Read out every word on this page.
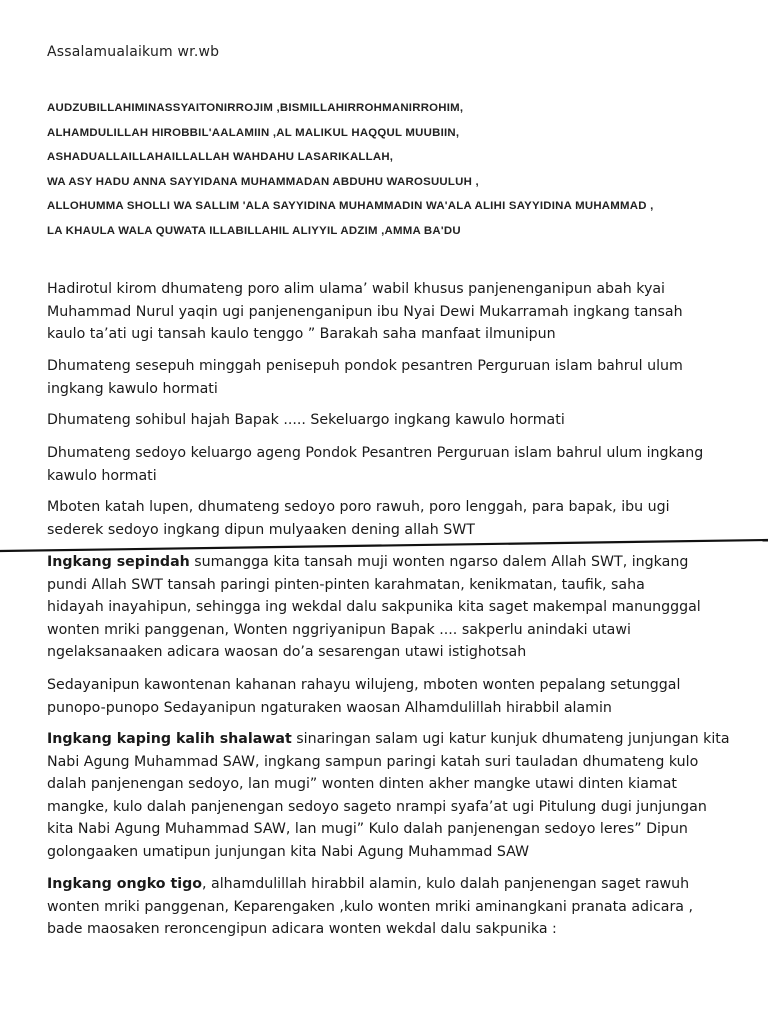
Assalamualaikum wr.wb
AUDZUBILLAHIMINASSYAITONIRROJIM ,BISMILLAHIRROHMANIRROHIM,
ALHAMDULILLAH HIROBBIL'AALAMIIN ,AL MALIKUL HAQQUL MUUBIIN,
ASHADUALLAILLAHAILLALLAH WAHDAHU LASARIKALLAH,
WA ASY HADU ANNA SAYYIDANA MUHAMMADAN ABDUHU WAROSUULUH ,
ALLOHUMMA SHOLLI WA SALLIM 'ALA SAYYIDINA MUHAMMADIN WA'ALA ALIHI SAYYIDINA MUHAMMAD ,
LA KHAULA WALA QUWATA ILLABILLAHIL ALIYYIL ADZIM ,AMMA BA'DU
Hadirotul kirom dhumateng poro alim ulama’ wabil khusus panjenenganipun abah kyai
Muhammad Nurul yaqin ugi panjenenganipun ibu Nyai Dewi Mukarramah ingkang tansah
kaulo ta’ati ugi tansah kaulo tenggo ” Barakah saha manfaat ilmunipun
Dhumateng sesepuh minggah penisepuh pondok pesantren Perguruan islam bahrul ulum
ingkang kawulo hormati
Dhumateng sohibul hajah Bapak ..... Sekeluargo ingkang kawulo hormati
Dhumateng sedoyo keluargo ageng Pondok Pesantren Perguruan islam bahrul ulum ingkang
kawulo hormati
Mboten katah lupen, dhumateng sedoyo poro rawuh, poro lenggah, para bapak, ibu ugi
sederek sedoyo ingkang dipun mulyaaken dening allah SWT
Ingkang sepindah sumangga kita tansah muji wonten ngarso dalem Allah SWT, ingkang
pundi Allah SWT tansah paringi pinten-pinten karahmatan, kenikmatan, taufik, saha
hidayah inayahipun, sehingga ing wekdal dalu sakpunika kita saget makempal manungggal
wonten mriki panggenan, Wonten nggriyanipun Bapak .... sakperlu anindaki utawi
ngelaksanaaken adicara waosan do’a sesarengan utawi istighotsah
Sedayanipun kawontenan kahanan rahayu wilujeng, mboten wonten pepalang setunggal
punopo-punopo Sedayanipun ngaturaken waosan Alhamdulillah hirabbil alamin
Ingkang kaping kalih shalawat sinaringan salam ugi katur kunjuk dhumateng junjungan kita
Nabi Agung Muhammad SAW, ingkang sampun paringi katah suri tauladan dhumateng kulo
dalah panjenengan sedoyo, lan mugi” wonten dinten akher mangke utawi dinten kiamat
mangke, kulo dalah panjenengan sedoyo sageto nrampi syafa’at ugi Pitulung dugi junjungan
kita Nabi Agung Muhammad SAW, lan mugi” Kulo dalah panjenengan sedoyo leres” Dipun
golongaaken umatipun junjungan kita Nabi Agung Muhammad SAW
Ingkang ongko tigo, alhamdulillah hirabbil alamin, kulo dalah panjenengan saget rawuh
wonten mriki panggenan, Keparengaken ,kulo wonten mriki aminangkani pranata adicara ,
bade maosaken reroncengipun adicara wonten wekdal dalu sakpunika :
